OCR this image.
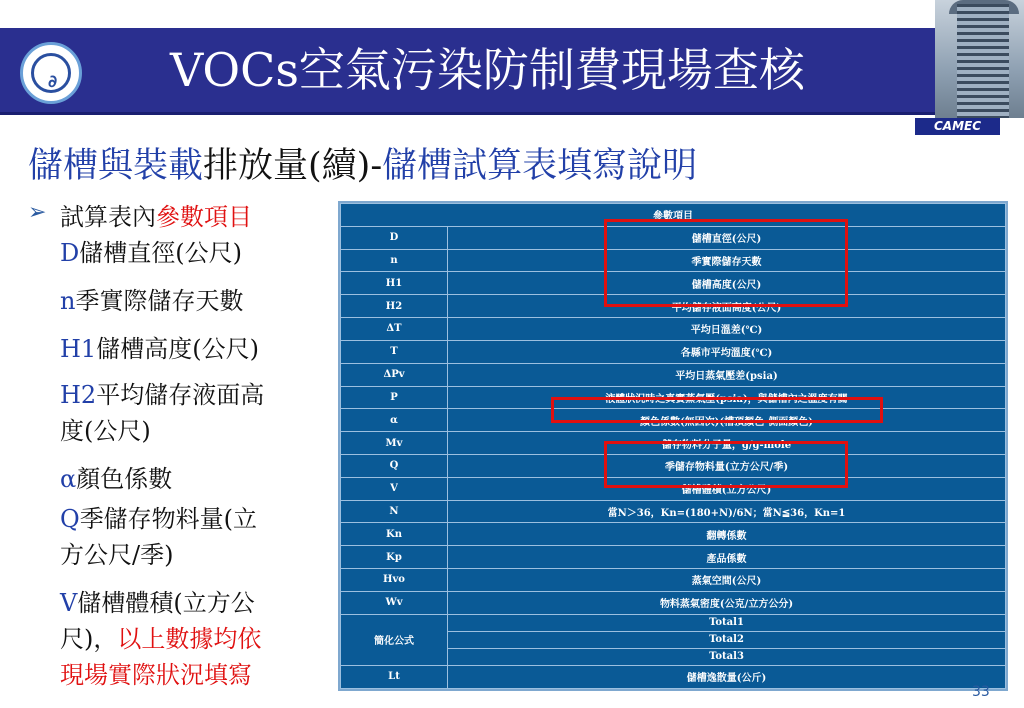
∂ VOCs空氣污染防制費現場查核
CAMEC
儲槽與裝載排放量(續)-儲槽試算表填寫說明
➢ 試算表內參數項目
D儲槽直徑(公尺)
n季實際儲存天數
H1儲槽高度(公尺)
H2平均儲存液面高
度(公尺)
α顏色係數
Q季儲存物料量(立
方公尺/季)
V儲槽體積(立方公
尺)，以上數據均依
現場實際狀況填寫
參數項目	
D	儲槽直徑(公尺)
n	季實際儲存天數
H1	儲槽高度(公尺)
H2	平均儲存液面高度(公尺)
ΔT	平均日溫差(℃)
T	各縣市平均溫度(℃)
ΔPv	平均日蒸氣壓差(psia)
P	液體狀況時之真實蒸氣壓(psia)，與儲槽內之溫度有關
α	顏色係數(無因次)(槽頂顏色-側面顏色)
Mv	儲存物料分子量，g/g-mole
Q	季儲存物料量(立方公尺/季)
V	儲槽體積(立方公尺)
N	當N＞36，Kn=(180+N)/6N；當N≦36，Kn=1
Kn	翻轉係數
Kp	產品係數
Hvo	蒸氣空間(公尺)
Wv	物料蒸氣密度(公克/立方公分)
簡化公式	Total1
	Total2
	Total3
Lt	儲槽逸散量(公斤)
33
